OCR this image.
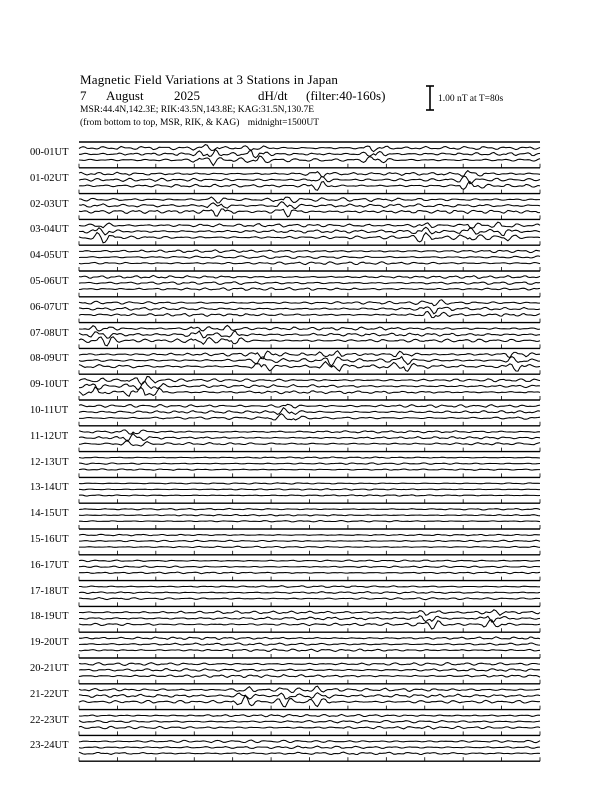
Magnetic Field Variations at 3 Stations in Japan
7 August 2025	dH/dt (filter:40-160s)
MSR:44.4N,142.3E; RIK:43.5N,143.8E; KAG:31.5N,130.7E
(from bottom to top, MSR, RIK, & KAG) midnight=1500UT
1.00 nT at T=80s
00-01UT
01-02UT
02-03UT
03-04UT
04-05UT
05-06UT
06-07UT
07-08UT
08-09UT
09-10UT
10-11UT
11-12UT
12-13UT
13-14UT
14-15UT
15-16UT
16-17UT
17-18UT
18-19UT
19-20UT
20-21UT
21-22UT
22-23UT
23-24UT
